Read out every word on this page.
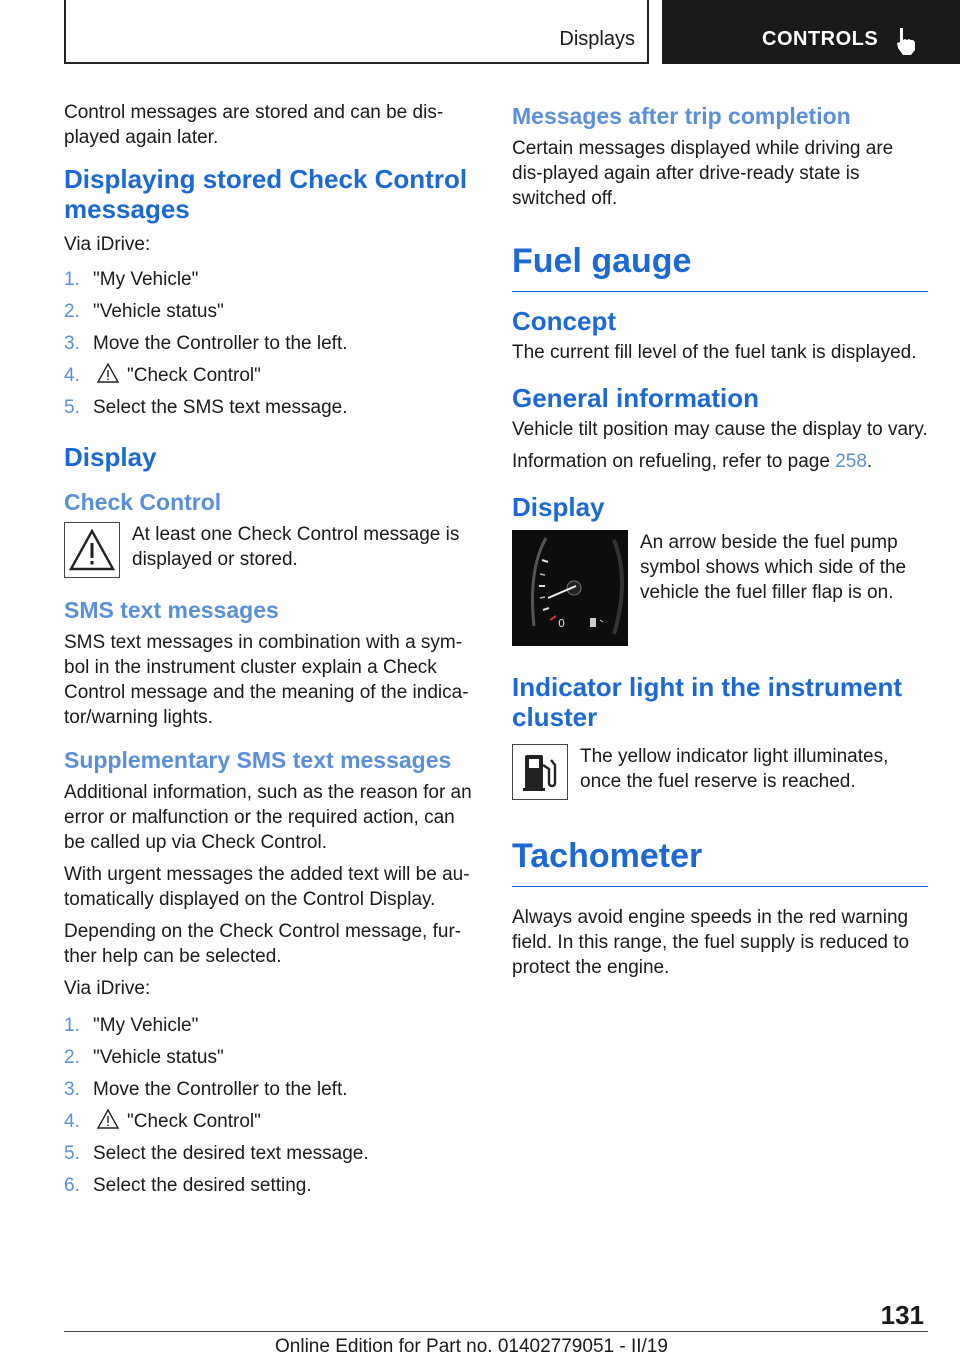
Displays	CONTROLS

Control messages are stored and can be dis-played again later.

Displaying stored Check Control messages

Via iDrive:

1. "My Vehicle"
2. "Vehicle status"
3. Move the Controller to the left.
4.	"Check Control"
5. Select the SMS text message.
Display
Check Control

At least one Check Control message is displayed or stored.

SMS text messages

SMS text messages in combination with a sym-bol in the instrument cluster explain a Check Control message and the meaning of the indica-tor/warning lights.

Supplementary SMS text messages

Additional information, such as the reason for an error or malfunction or the required action, can be called up via Check Control.

With urgent messages the added text will be au-tomatically displayed on the Control Display.

Depending on the Check Control message, fur-ther help can be selected.

Via iDrive:

1. "My Vehicle"
2. "Vehicle status"
3. Move the Controller to the left.
4.	"Check Control"
5. Select the desired text message.
6. Select the desired setting.
Messages after trip completion

Certain messages displayed while driving are dis-played again after drive-ready state is switched off.

Fuel gauge
Concept

The current fill level of the fuel tank is displayed.

General information

Vehicle tilt position may cause the display to vary.

Information on refueling, refer to page 258.

Display
0

An arrow beside the fuel pump symbol shows which side of the vehicle the fuel filler flap is on.

Indicator light in the instrument cluster

The yellow indicator light illuminates, once the fuel reserve is reached.

Tachometer

Always avoid engine speeds in the red warning field. In this range, the fuel supply is reduced to protect the engine.

131
Online Edition for Part no. 01402779051 - II/19
